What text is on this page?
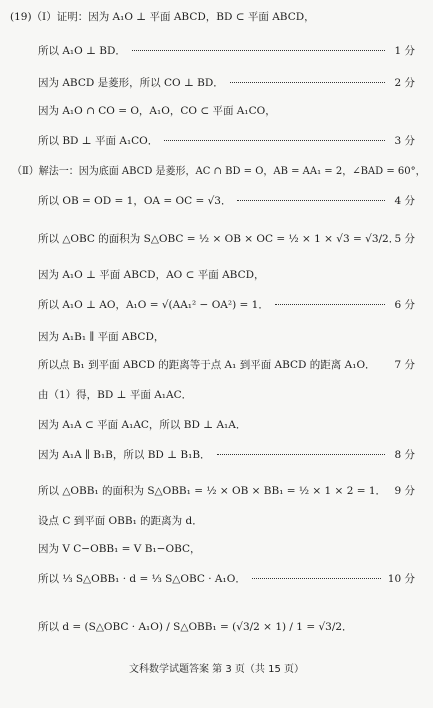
(19)（Ⅰ）证明：因为 A₁O ⊥ 平面 ABCD，BD ⊂ 平面 ABCD，
所以 A₁O ⊥ BD．	1 分
因为 ABCD 是菱形，所以 CO ⊥ BD．	2 分
因为 A₁O ∩ CO = O，A₁O，CO ⊂ 平面 A₁CO，
所以 BD ⊥ 平面 A₁CO．	3 分
（Ⅱ）解法一：因为底面 ABCD 是菱形，AC ∩ BD = O，AB = AA₁ = 2，∠BAD = 60°，
所以 OB = OD = 1，OA = OC = √3．	4 分
所以 △OBC 的面积为 S△OBC = ½ × OB × OC = ½ × 1 × √3 = √3/2．
5 分
因为 A₁O ⊥ 平面 ABCD，AO ⊂ 平面 ABCD，
所以 A₁O ⊥ AO，A₁O = √(AA₁² − OA²) = 1．	6 分
因为 A₁B₁ ∥ 平面 ABCD，
所以点 B₁ 到平面 ABCD 的距离等于点 A₁ 到平面 ABCD 的距离 A₁O． 7 分
由（1）得，BD ⊥ 平面 A₁AC．
因为 A₁A ⊂ 平面 A₁AC，所以 BD ⊥ A₁A．
因为 A₁A ∥ B₁B，所以 BD ⊥ B₁B．	8 分
所以 △OBB₁ 的面积为 S△OBB₁ = ½ × OB × BB₁ = ½ × 1 × 2 = 1． 9 分
设点 C 到平面 OBB₁ 的距离为 d．
因为 V C−OBB₁ = V B₁−OBC，
所以 ⅓ S△OBB₁ · d = ⅓ S△OBC · A₁O．	10 分
所以 d = (S△OBC · A₁O) / S△OBB₁ = (√3/2 × 1) / 1 = √3/2．
文科数学试题答案 第 3 页（共 15 页）
